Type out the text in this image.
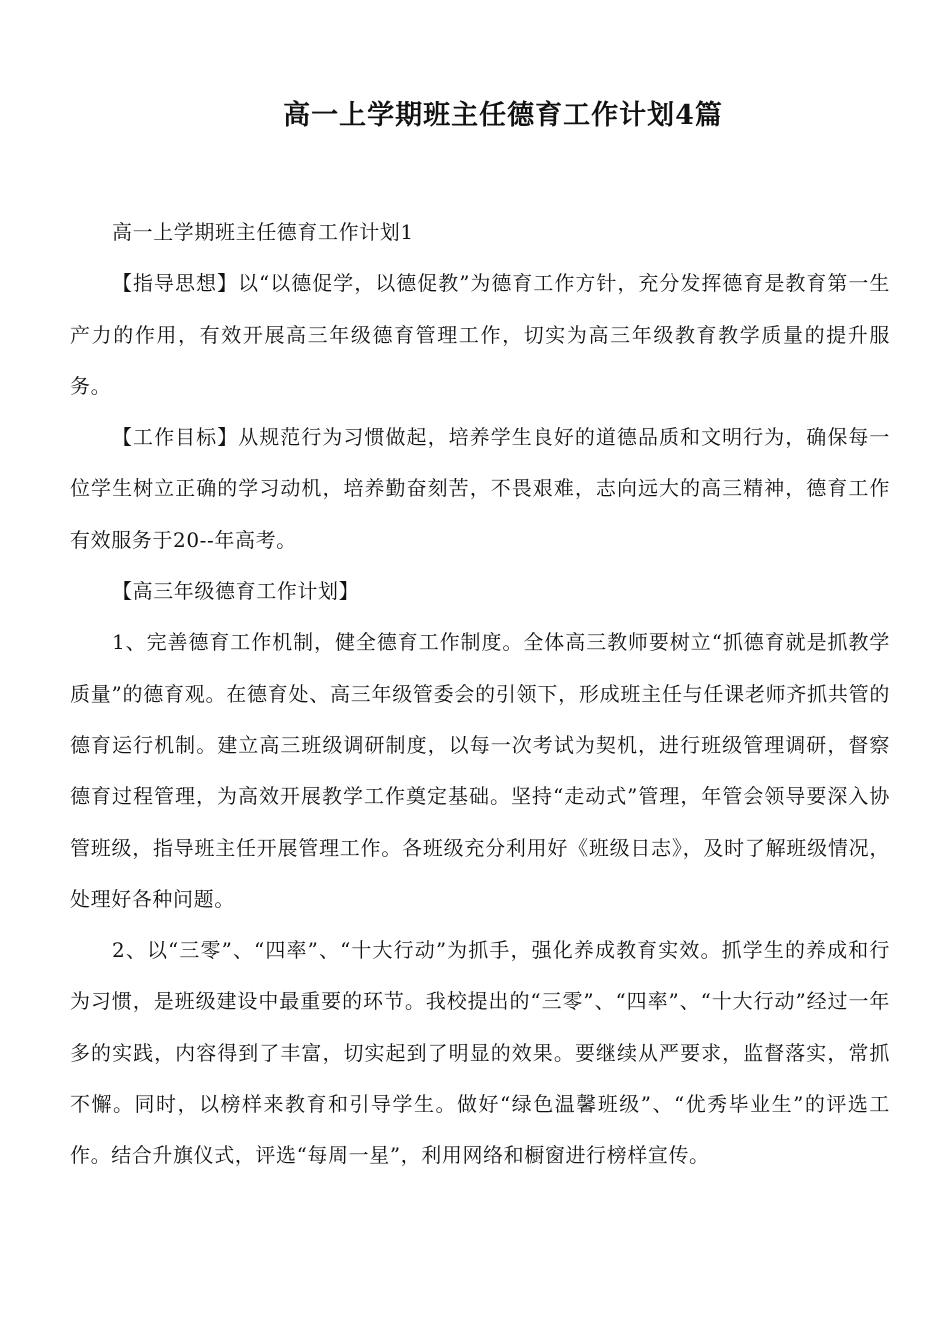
高一上学期班主任德育工作计划4篇

高一上学期班主任德育工作计划1

【指导思想】以“以德促学，以德促教”为德育工作方针，充分发挥德育是教育第一生产力的作用，有效开展高三年级德育管理工作，切实为高三年级教育教学质量的提升服务。

【工作目标】从规范行为习惯做起，培养学生良好的道德品质和文明行为，确保每一位学生树立正确的学习动机，培养勤奋刻苦，不畏艰难，志向远大的高三精神，德育工作有效服务于20--年高考。

【高三年级德育工作计划】

1、完善德育工作机制，健全德育工作制度。全体高三教师要树立“抓德育就是抓教学质量”的德育观。在德育处、高三年级管委会的引领下，形成班主任与任课老师齐抓共管的德育运行机制。建立高三班级调研制度，以每一次考试为契机，进行班级管理调研，督察德育过程管理，为高效开展教学工作奠定基础。坚持“走动式”管理，年管会领导要深入协管班级，指导班主任开展管理工作。各班级充分利用好《班级日志》，及时了解班级情况，处理好各种问题。

2、以“三零”、“四率”、“十大行动”为抓手，强化养成教育实效。抓学生的养成和行为习惯，是班级建设中最重要的环节。我校提出的“三零”、“四率”、“十大行动”经过一年多的实践，内容得到了丰富，切实起到了明显的效果。要继续从严要求，监督落实，常抓不懈。同时，以榜样来教育和引导学生。做好“绿色温馨班级”、“优秀毕业生”的评选工作。结合升旗仪式，评选“每周一星”，利用网络和橱窗进行榜样宣传。
